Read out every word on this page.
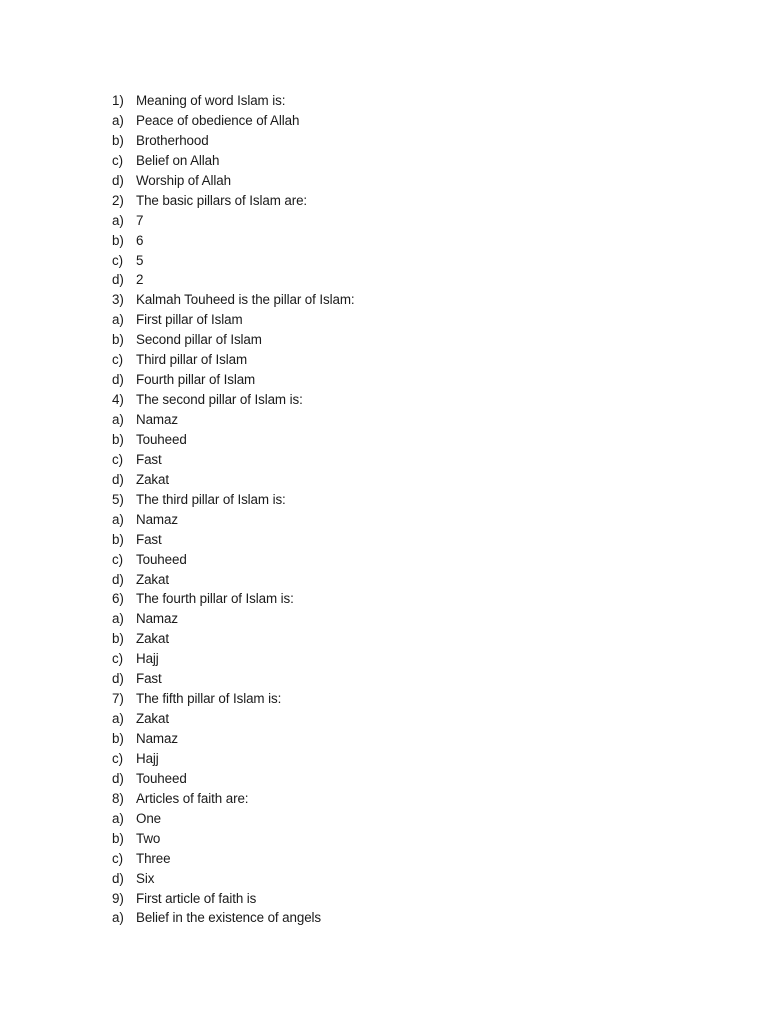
1) Meaning of word Islam is:
a) Peace of obedience of Allah
b) Brotherhood
c) Belief on Allah
d) Worship of Allah
2) The basic pillars of Islam are:
a) 7
b) 6
c) 5
d) 2
3) Kalmah Touheed is the pillar of Islam:
a) First pillar of Islam
b) Second pillar of Islam
c) Third pillar of Islam
d) Fourth pillar of Islam
4) The second pillar of Islam is:
a) Namaz
b) Touheed
c) Fast
d) Zakat
5) The third pillar of Islam is:
a) Namaz
b) Fast
c) Touheed
d) Zakat
6) The fourth pillar of Islam is:
a) Namaz
b) Zakat
c) Hajj
d) Fast
7) The fifth pillar of Islam is:
a) Zakat
b) Namaz
c) Hajj
d) Touheed
8) Articles of faith are:
a) One
b) Two
c) Three
d) Six
9) First article of faith is
a) Belief in the existence of angels
